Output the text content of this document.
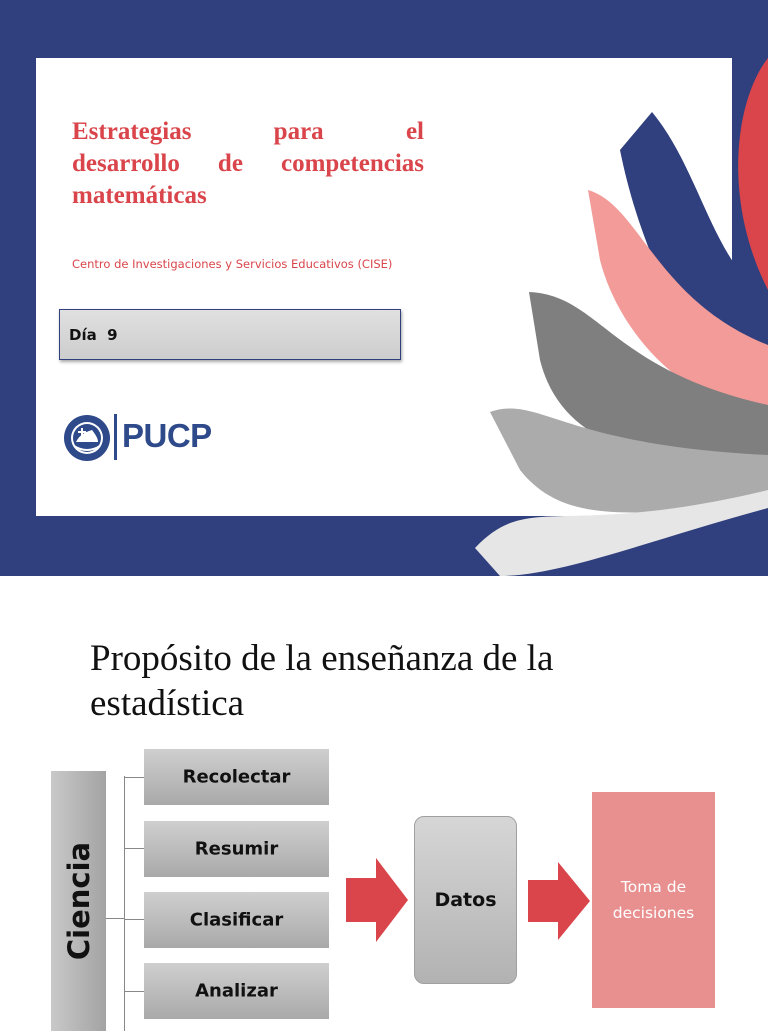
Estrategias para el
desarrollo de competencias
matemáticas
Centro de Investigaciones y Servicios Educativos (CISE)
Día  9
PUCP
Propósito de la enseñanza de la estadística
Ciencia
Recolectar
Resumir
Clasificar
Analizar
Datos
Toma de decisiones
